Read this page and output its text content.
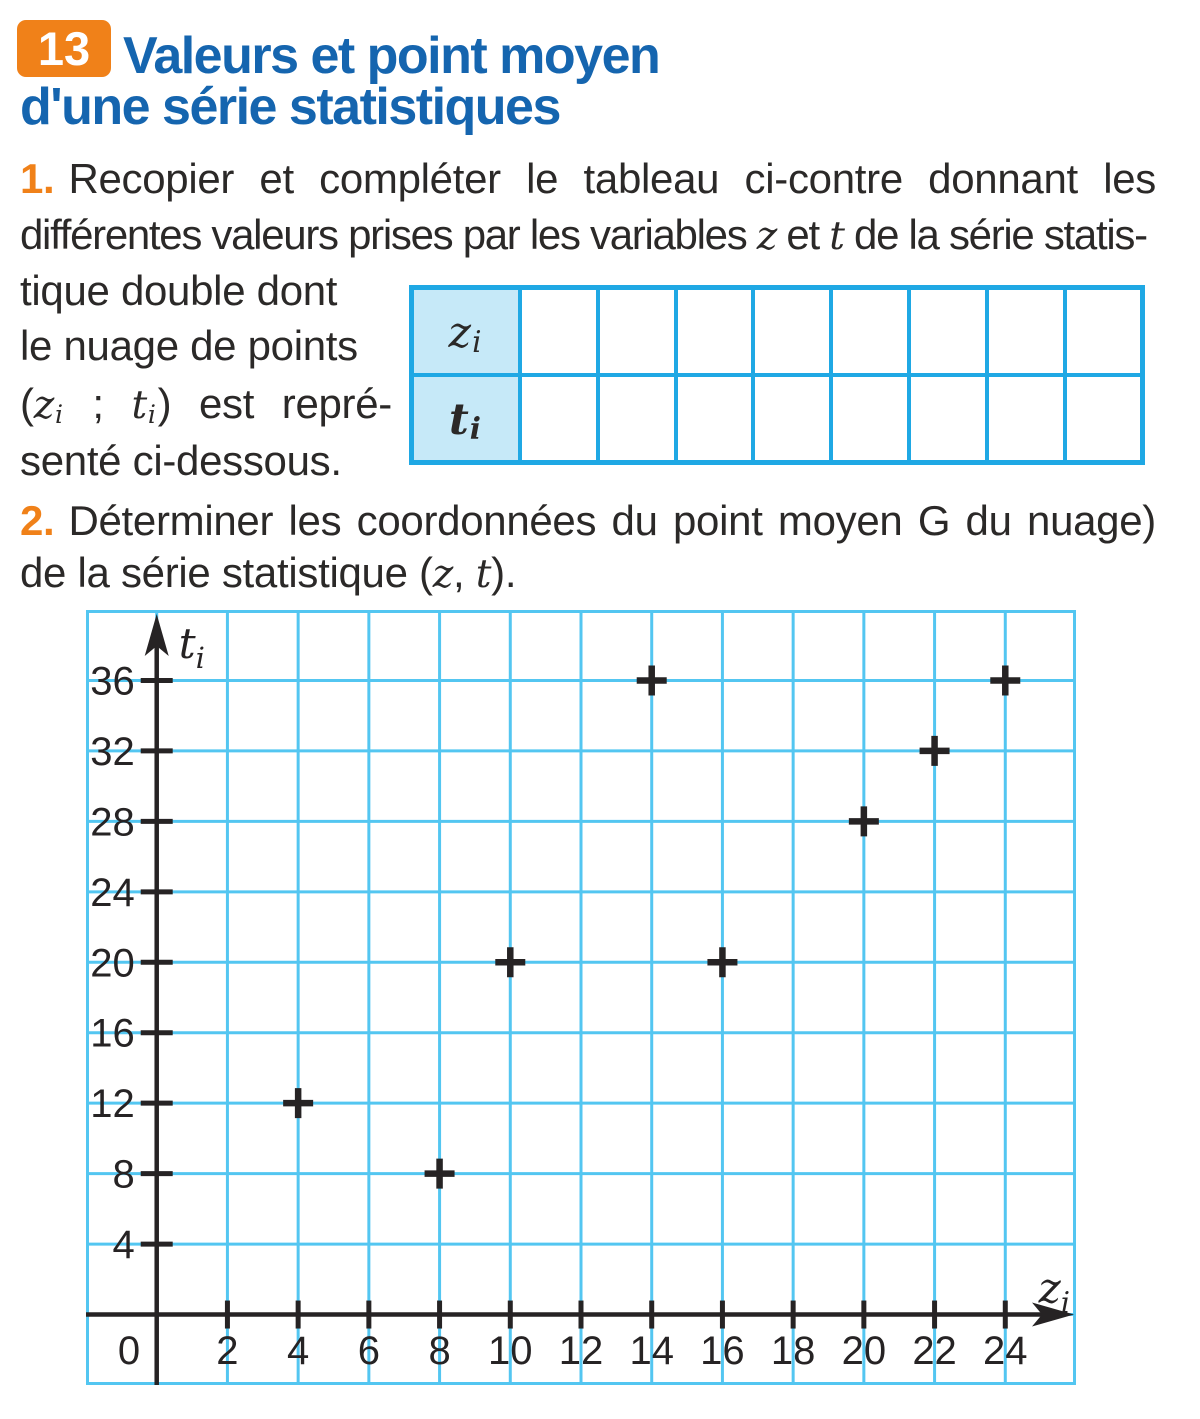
13 Valeurs et point moyen
d'une série statistiques
1. Recopier et compléter le tableau ci-contre donnant les
différentes valeurs prises par les variables z et t de la série statis-
tique double dont
le nuage de points
(zi ; ti) est repré-
senté ci-dessous.
zi								
ti								
2. Déterminer les coordonnées du point moyen G du nuage)
de la série statistique (z, t).
2 4 6 8 10 12 14 16 18 20 22 24
0
4
8
12
16
20
24
28
32
36
$t_i$
$z_i$
